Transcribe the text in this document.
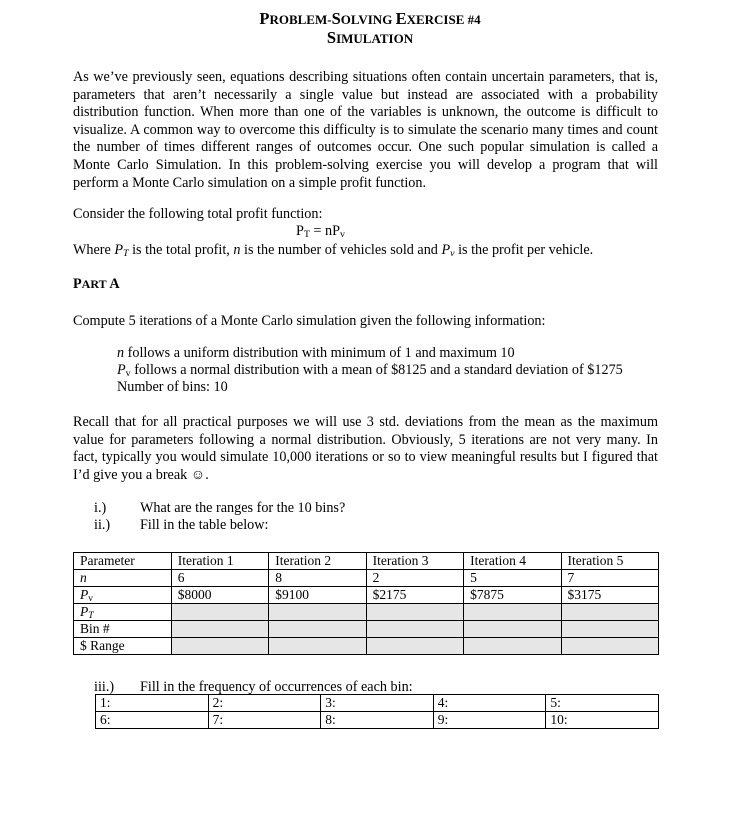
PROBLEM-SOLVING EXERCISE #4
SIMULATION

As we’ve previously seen, equations describing situations often contain uncertain parameters, that is, parameters that aren’t necessarily a single value but instead are associated with a probability distribution function. When more than one of the variables is unknown, the outcome is difficult to visualize. A common way to overcome this difficulty is to simulate the scenario many times and count the number of times different ranges of outcomes occur. One such popular simulation is called a Monte Carlo Simulation. In this problem-solving exercise you will develop a program that will perform a Monte Carlo simulation on a simple profit function.

Consider the following total profit function:

$P_T = nP_v$

Where $P_T$ is the total profit, n is the number of vehicles sold and $P_v$ is the profit per vehicle.

PART A

Compute 5 iterations of a Monte Carlo simulation given the following information:

n follows a uniform distribution with minimum of 1 and maximum 10

$P_v$ follows a normal distribution with a mean of $8125 and a standard deviation of $1275

Number of bins: 10

Recall that for all practical purposes we will use 3 std. deviations from the mean as the maximum value for parameters following a normal distribution. Obviously, 5 iterations are not very many. In fact, typically you would simulate 10,000 iterations or so to view meaningful results but I figured that I’d give you a break ☺.

i.) What are the ranges for the 10 bins?
ii.) Fill in the table below:
Parameter	Iteration 1	Iteration 2	Iteration 3	Iteration 4	Iteration 5
n	6	8	2	5	7
$P_v$	$8000	$9100	$2175	$7875	$3175
$P_T$					
Bin #					
$ Range					
iii.) Fill in the frequency of occurrences of each bin:
1:	2:	3:	4:	5:
6:	7:	8:	9:	10:
